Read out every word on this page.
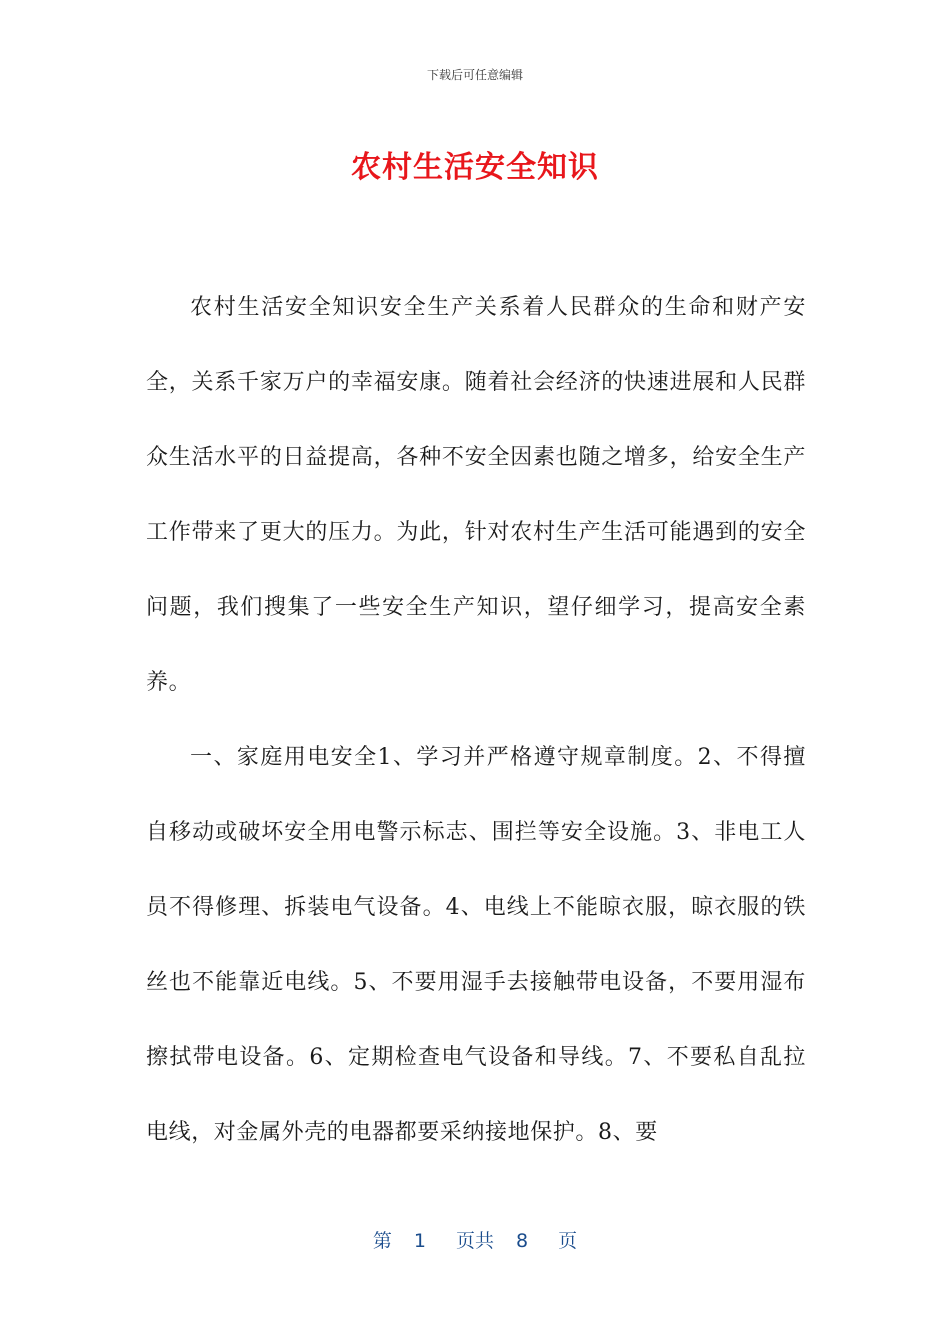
下载后可任意编辑
农村生活安全知识

农村生活安全知识安全生产关系着人民群众的生命和财产安全，关系千家万户的幸福安康。随着社会经济的快速进展和人民群众生活水平的日益提高，各种不安全因素也随之增多，给安全生产工作带来了更大的压力。为此，针对农村生产生活可能遇到的安全问题，我们搜集了一些安全生产知识，望仔细学习，提高安全素养。

一、家庭用电安全1、学习并严格遵守规章制度。2、不得擅自移动或破坏安全用电警示标志、围拦等安全设施。3、非电工人员不得修理、拆装电气设备。4、电线上不能晾衣服，晾衣服的铁丝也不能靠近电线。5、不要用湿手去接触带电设备，不要用湿布擦拭带电设备。6、定期检查电气设备和导线。7、不要私自乱拉电线，对金属外壳的电器都要采纳接地保护。8、要

第 1 页共 8 页
